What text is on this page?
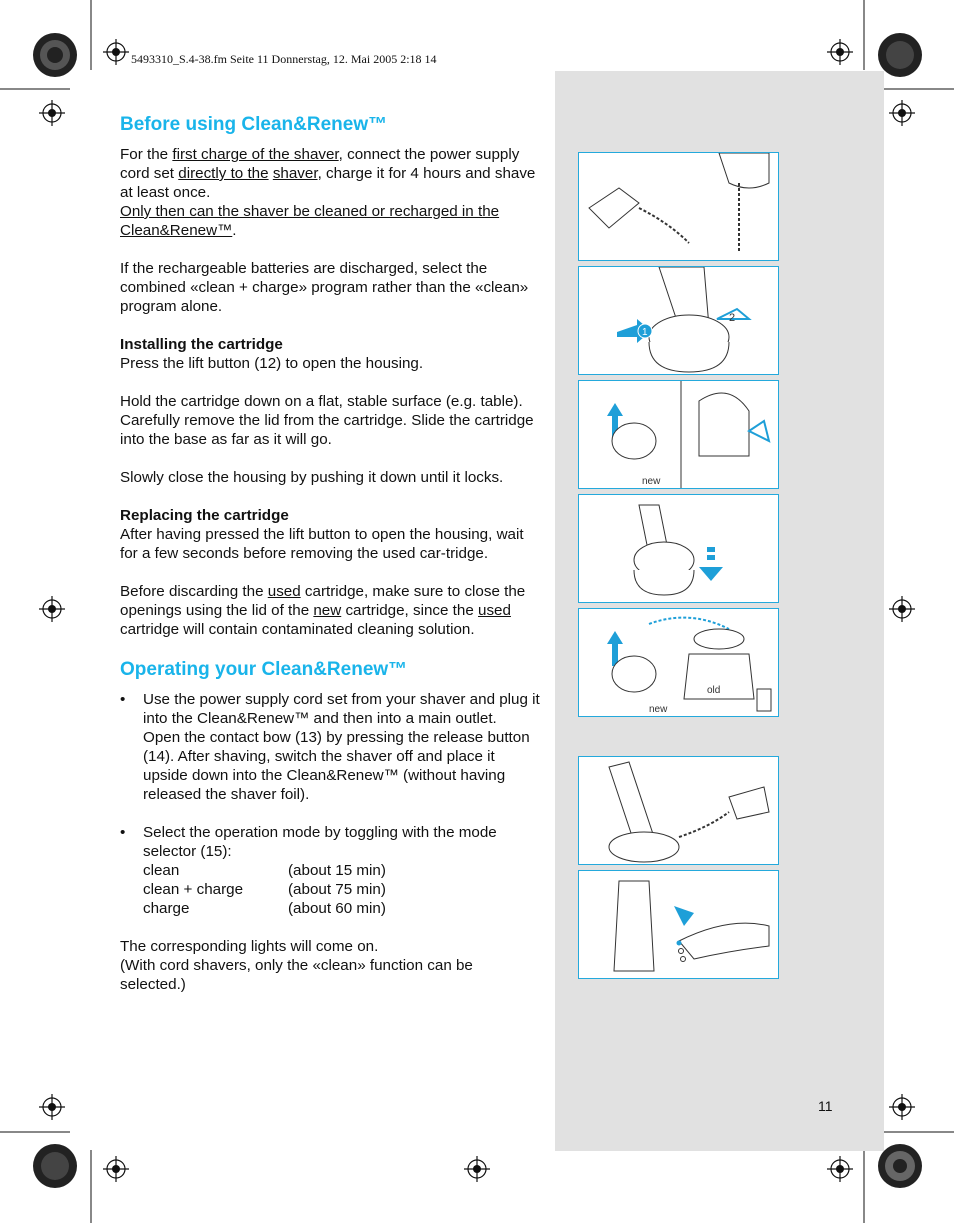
5493310_S.4-38.fm Seite 11 Donnerstag, 12. Mai 2005 2:18 14
Before using Clean&Renew™

For the first charge of the shaver, connect the power supply cord set directly to the shaver, charge it for 4 hours and shave at least once.
Only then can the shaver be cleaned or recharged in the Clean&Renew™.

If the rechargeable batteries are discharged, select the combined «clean + charge» program rather than the «clean» program alone.

Installing the cartridge

Press the lift button (12) to open the housing.

Hold the cartridge down on a flat, stable surface (e.g. table). Carefully remove the lid from the cartridge. Slide the cartridge into the base as far as it will go.

Slowly close the housing by pushing it down until it locks.

Replacing the cartridge

After having pressed the lift button to open the housing, wait for a few seconds before removing the used car-tridge.

Before discarding the used cartridge, make sure to close the openings using the lid of the new cartridge, since the used cartridge will contain contaminated cleaning solution.

Operating your Clean&Renew™
• Use the power supply cord set from your shaver and plug it into the Clean&Renew™ and then into a main outlet.

Open the contact bow (13) by pressing the release button (14). After shaving, switch the shaver off and place it upside down into the Clean&Renew™ (without having released the shaver foil).

• Select the operation mode by toggling with the mode selector (15):

clean	(about 15 min)
clean + charge	(about 75 min)
charge	(about 60 min)

The corresponding lights will come on.

(With cord shavers, only the «clean» function can be selected.)

1
2
new
new
old
11
